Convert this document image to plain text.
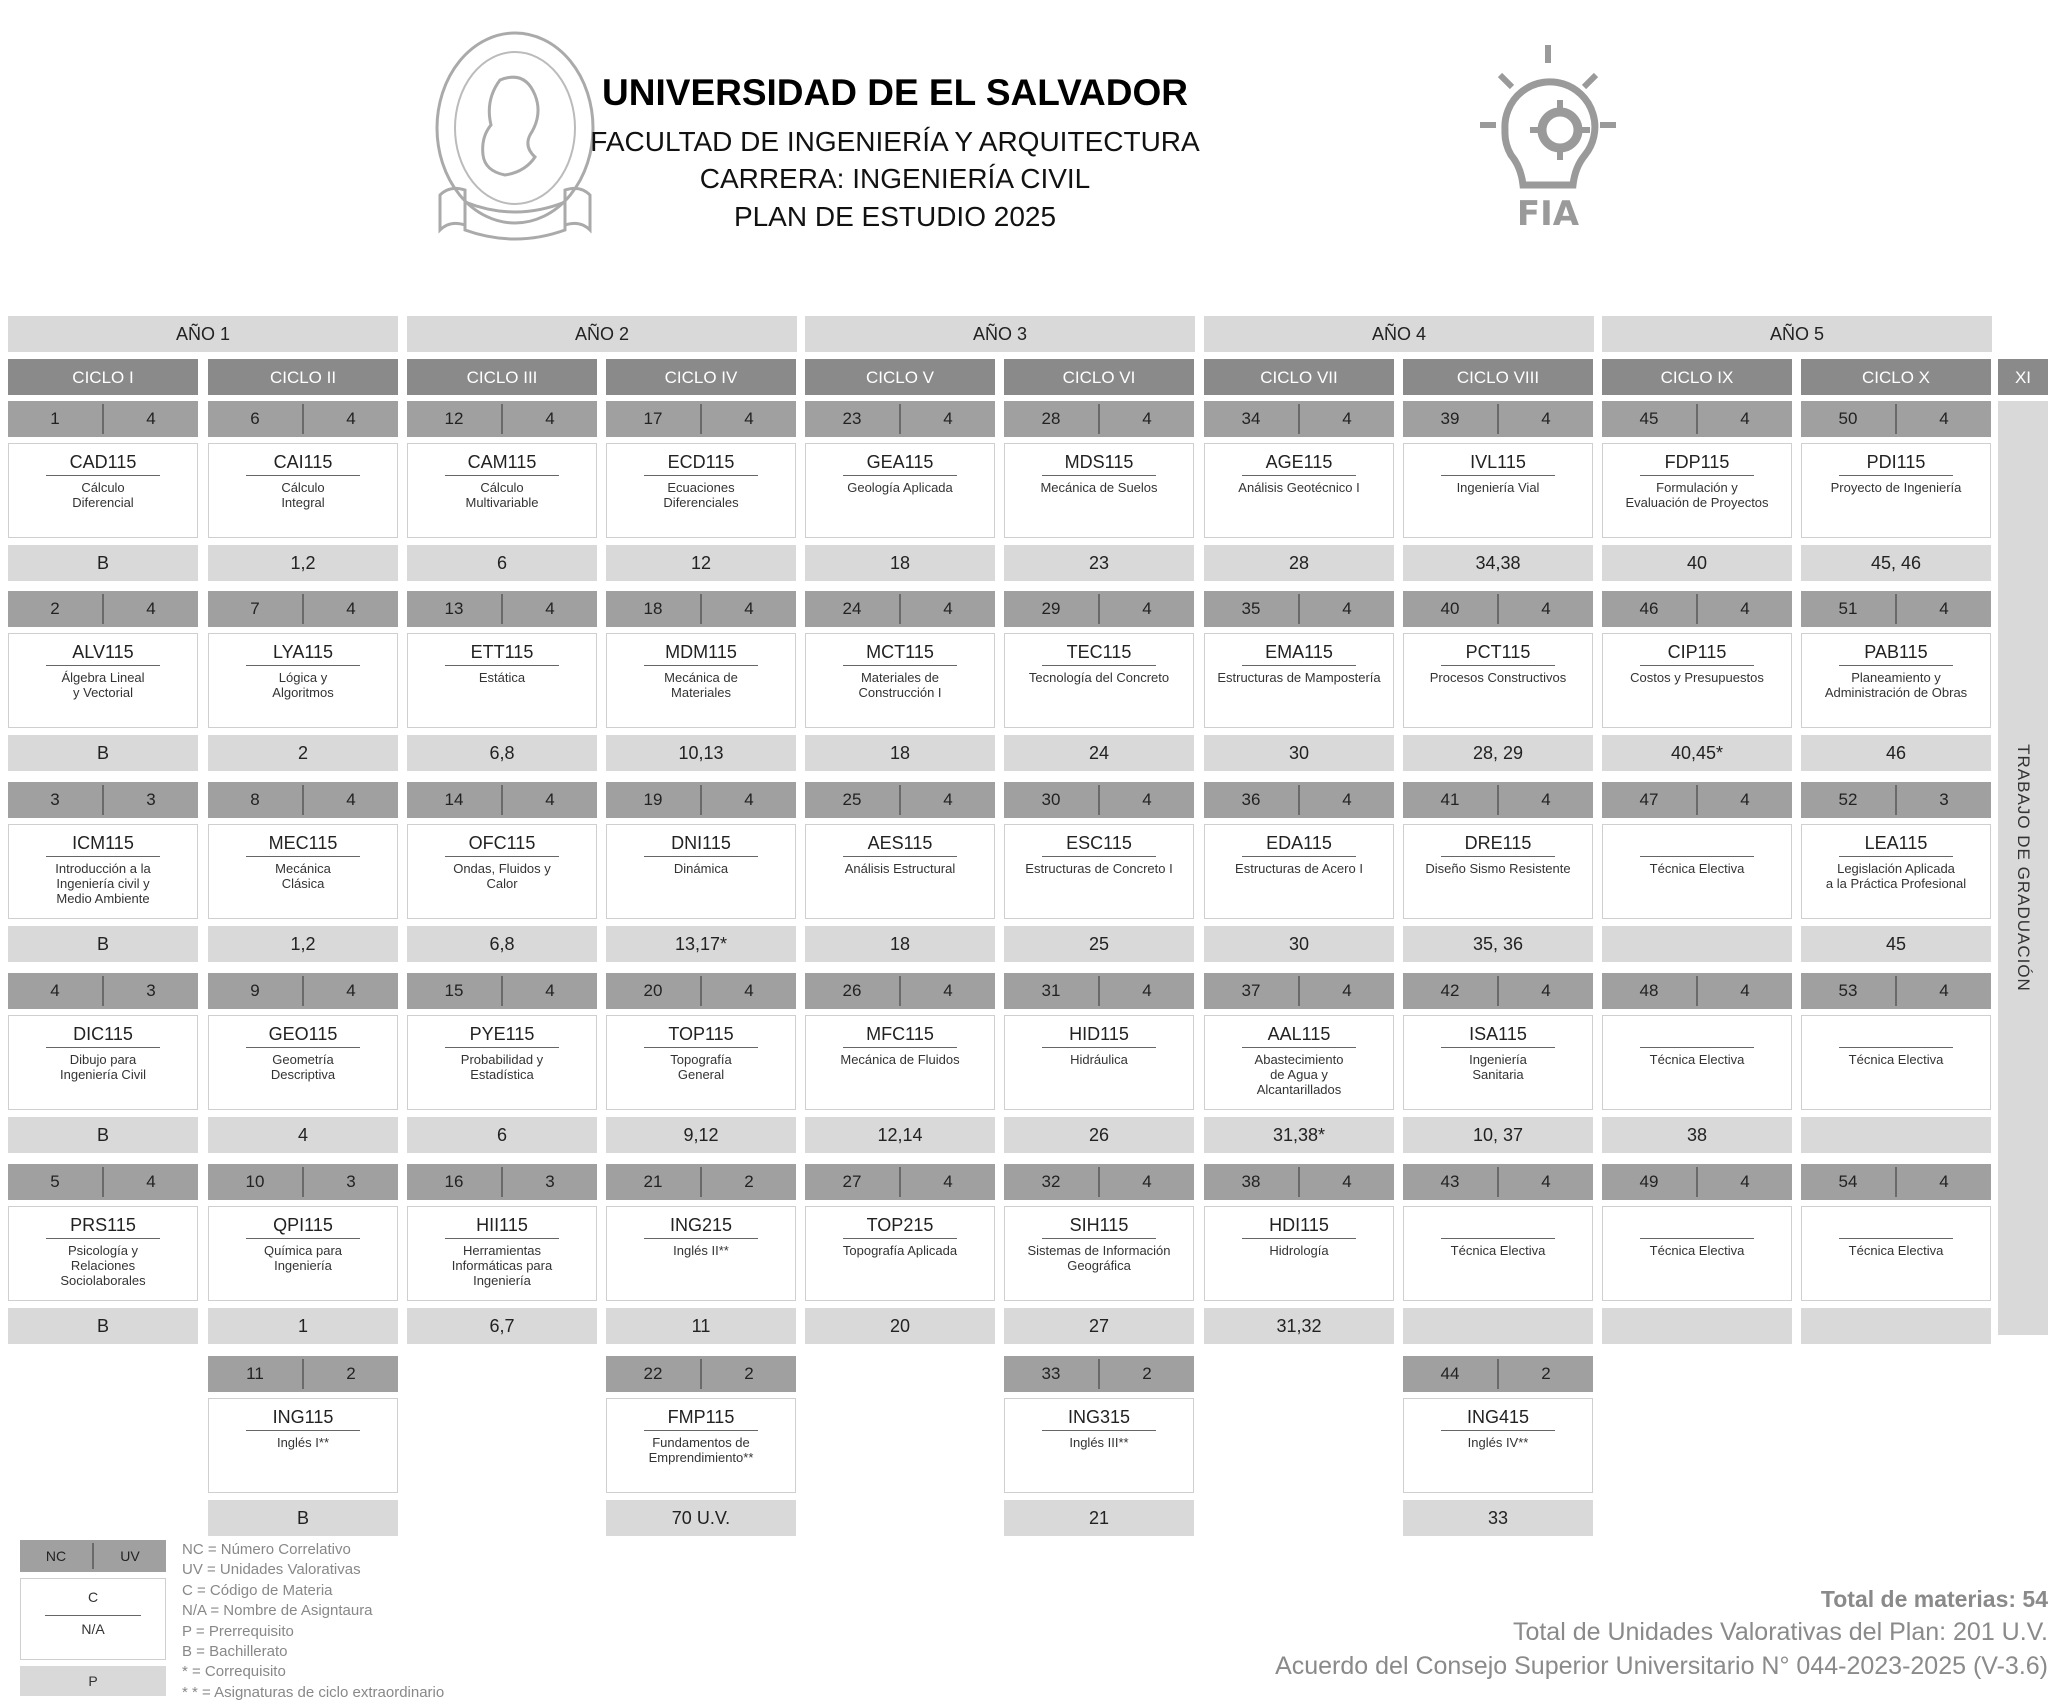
UNIVERSIDAD DE EL SALVADOR
FACULTAD DE INGENIERÍA Y ARQUITECTURA
CARRERA: INGENIERÍA CIVIL
PLAN DE ESTUDIO 2025	FIA
AÑO 1	AÑO 2	AÑO 3	AÑO 4	AÑO 5
CICLO I	CICLO II	CICLO III	CICLO IV	CICLO V	CICLO VI	CICLO VII	CICLO VIII	CICLO IX	CICLO X	XI
TRABAJO DE GRADUACIÓN
1	4
CAD115
Cálculo
Diferencial
B
2	4
ALV115
Álgebra Lineal
y Vectorial
B
3	3
ICM115
Introducción a la
Ingeniería civil y
Medio Ambiente
B
4	3
DIC115
Dibujo para
Ingeniería Civil
B
5	4
PRS115
Psicología y
Relaciones
Sociolaborales
B
6	4
CAI115
Cálculo
Integral
1,2
7	4
LYA115
Lógica y
Algoritmos
2
8	4
MEC115
Mecánica
Clásica
1,2
9	4
GEO115
Geometría
Descriptiva
4
10	3
QPI115
Química para
Ingeniería
1
11	2
ING115
Inglés I**
B
12	4
CAM115
Cálculo
Multivariable
6
13	4
ETT115
Estática
6,8
14	4
OFC115
Ondas, Fluidos y
Calor
6,8
15	4
PYE115
Probabilidad y
Estadística
6
16	3
HII115
Herramientas
Informáticas para
Ingeniería
6,7
17	4
ECD115
Ecuaciones
Diferenciales
12
18	4
MDM115
Mecánica de
Materiales
10,13
19	4
DNI115
Dinámica
13,17*
20	4
TOP115
Topografía
General
9,12
21	2
ING215
Inglés II**
11
22	2
FMP115
Fundamentos de
Emprendimiento**
70 U.V.
23	4
GEA115
Geología Aplicada
18
24	4
MCT115
Materiales de
Construcción I
18
25	4
AES115
Análisis Estructural
18
26	4
MFC115
Mecánica de Fluidos
12,14
27	4
TOP215
Topografía Aplicada
20
28	4
MDS115
Mecánica de Suelos
23
29	4
TEC115
Tecnología del Concreto
24
30	4
ESC115
Estructuras de Concreto I
25
31	4
HID115
Hidráulica
26
32	4
SIH115
Sistemas de Información
Geográfica
27
33	2
ING315
Inglés III**
21
34	4
AGE115
Análisis Geotécnico I
28
35	4
EMA115
Estructuras de Mampostería
30
36	4
EDA115
Estructuras de Acero I
30
37	4
AAL115
Abastecimiento
de Agua y
Alcantarillados
31,38*
38	4
HDI115
Hidrología
31,32
39	4
IVL115
Ingeniería Vial
34,38
40	4
PCT115
Procesos Constructivos
28, 29
41	4
DRE115
Diseño Sismo Resistente
35, 36
42	4
ISA115
Ingeniería
Sanitaria
10, 37
43	4
Técnica Electiva
44	2
ING415
Inglés IV**
33
45	4
FDP115
Formulación y
Evaluación de Proyectos
40
46	4
CIP115
Costos y Presupuestos
40,45*
47	4
Técnica Electiva
48	4
Técnica Electiva
38
49	4
Técnica Electiva
50	4
PDI115
Proyecto de Ingeniería
45, 46
51	4
PAB115
Planeamiento y
Administración de Obras
46
52	3
LEA115
Legislación Aplicada
a la Práctica Profesional
45
53	4
Técnica Electiva
54	4
Técnica Electiva
NC	UV
C
N/A
P
NC = Número Correlativo
UV = Unidades Valorativas
C = Código de Materia
N/A = Nombre de Asigntaura
P = Prerrequisito
B = Bachillerato
* = Correquisito
* * = Asignaturas de ciclo extraordinario
Total de materias: 54
Total de Unidades Valorativas del Plan: 201 U.V.
Acuerdo del Consejo Superior Universitario N° 044-2023-2025 (V-3.6)
